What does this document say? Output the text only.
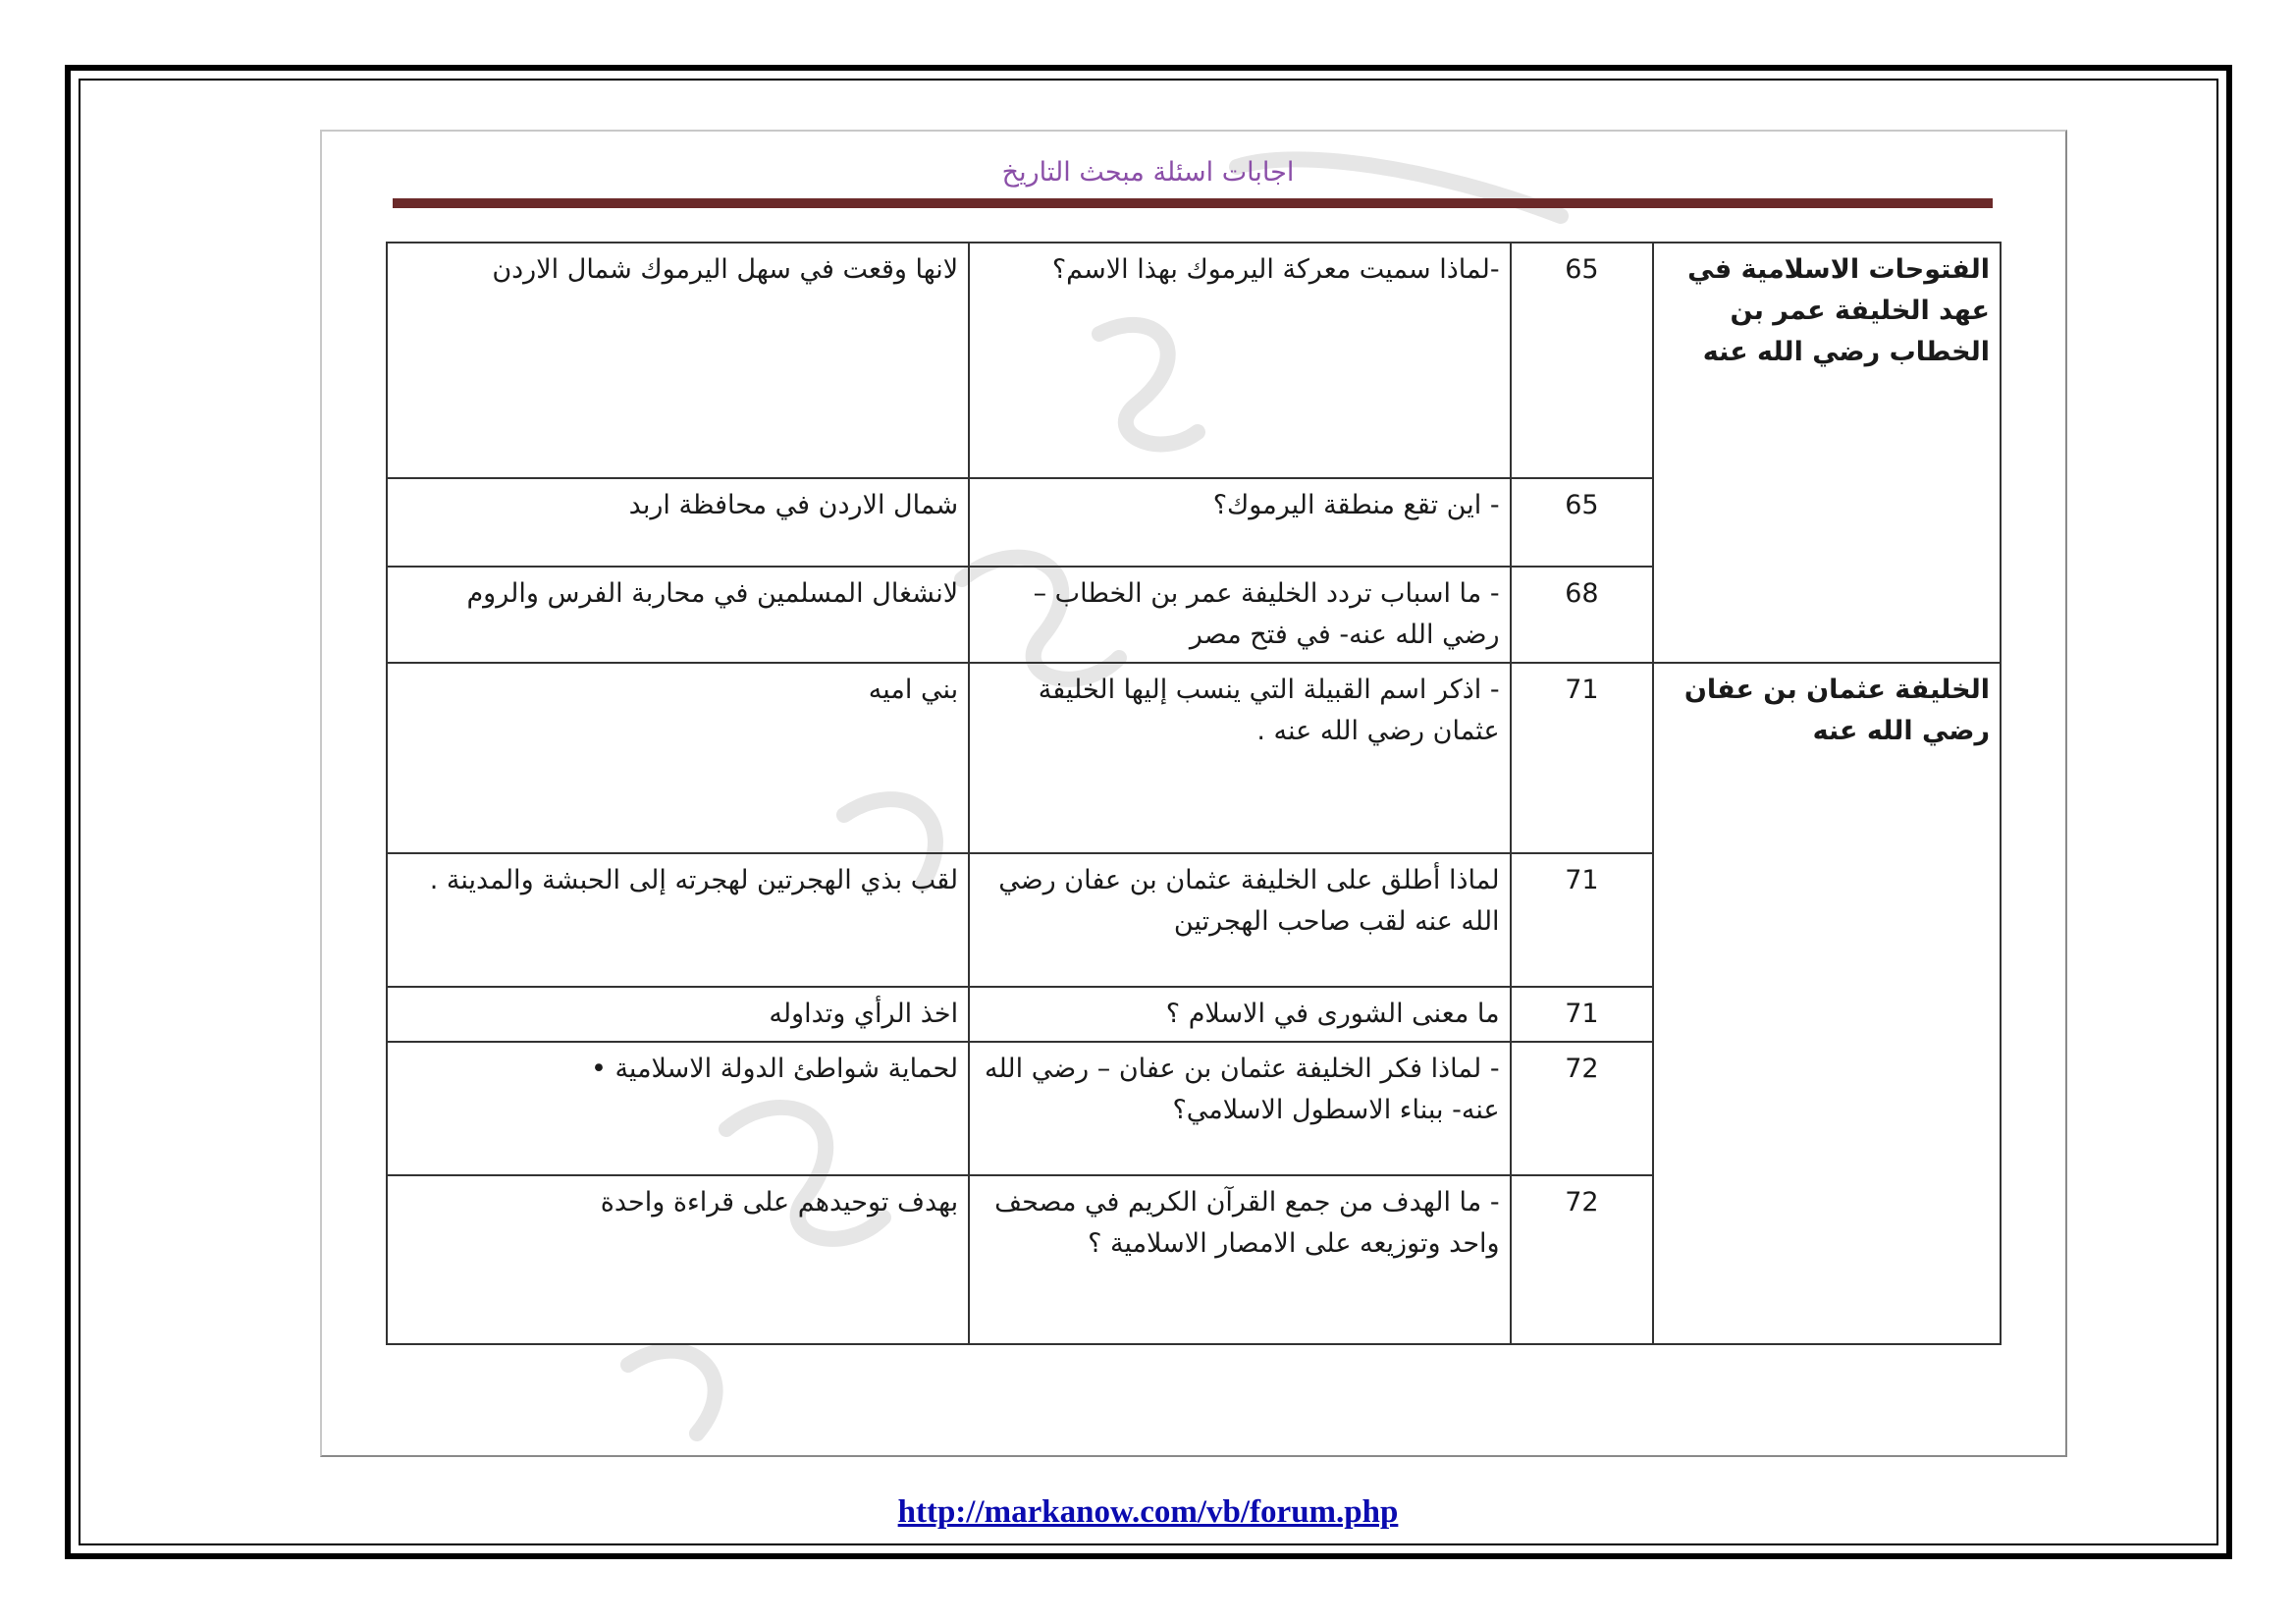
اجابات اسئلة مبحث التاريخ
الفتوحات الاسلامية في عهد الخليفة عمر بن الخطاب رضي الله عنه	65	-لماذا سميت معركة اليرموك بهذا الاسم؟	لانها وقعت في سهل اليرموك شمال الاردن
	65	- اين تقع منطقة اليرموك؟	شمال الاردن في محافظة اربد
	68	- ما اسباب تردد الخليفة عمر بن الخطاب – رضي الله عنه- في فتح مصر	لانشغال المسلمين في محاربة الفرس والروم
الخليفة عثمان بن عفان رضي الله عنه	71	- اذكر اسم القبيلة التي ينسب إليها الخليفة عثمان رضي الله عنه .	بني اميه
	71	لماذا أطلق على الخليفة عثمان بن عفان رضي الله عنه لقب صاحب الهجرتين	لقب بذي الهجرتين لهجرته إلى الحبشة والمدينة .
	71	ما معنى الشورى في الاسلام ؟	اخذ الرأي وتداوله
	72	- لماذا فكر الخليفة عثمان بن عفان – رضي الله عنه- ببناء الاسطول الاسلامي؟	لحماية شواطئ الدولة الاسلامية •
	72	- ما الهدف من جمع القرآن الكريم في مصحف واحد وتوزيعه على الامصار الاسلامية ؟	بهدف توحيدهم على قراءة واحدة
http://markanow.com/vb/forum.php
